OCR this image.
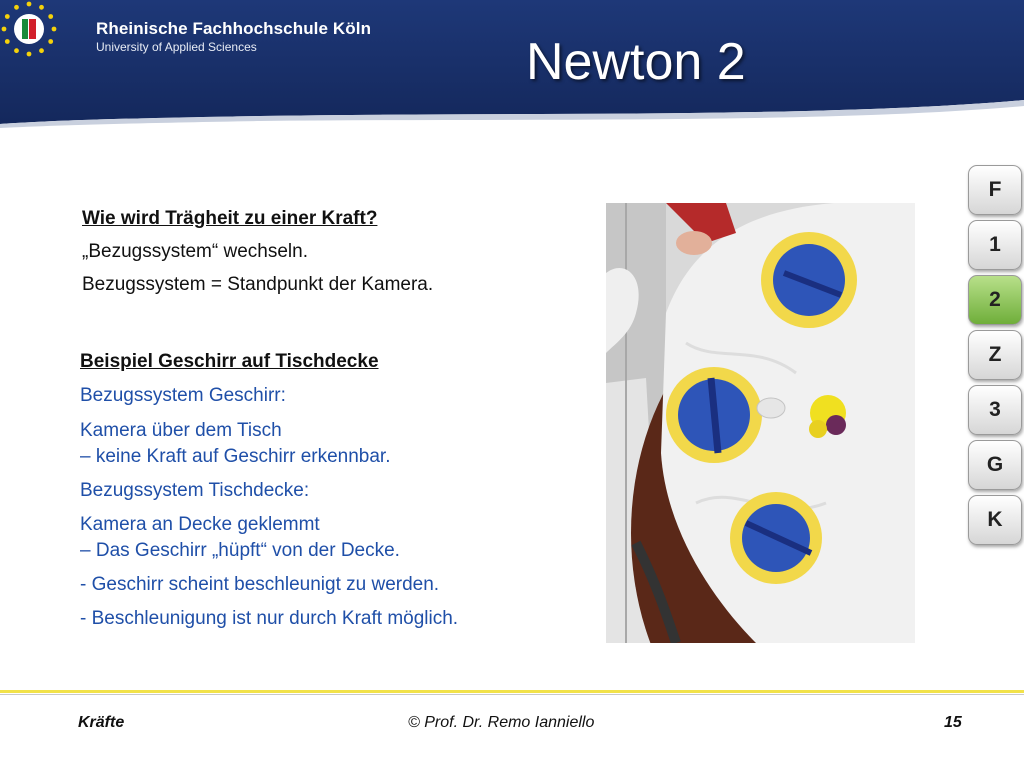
Rheinische Fachhochschule Köln
University of Applied Sciences	Newton 2
Wie wird Trägheit zu einer Kraft?
„Bezugssystem“ wechseln.
Bezugssystem = Standpunkt der Kamera.
Beispiel Geschirr auf Tischdecke
Bezugssystem Geschirr:
Kamera über dem Tisch
– keine Kraft auf Geschirr erkennbar.
Bezugssystem Tischdecke:
Kamera an Decke geklemmt
– Das Geschirr „hüpft“ von der Decke.
- Geschirr scheint beschleunigt zu werden.
- Beschleunigung ist nur durch Kraft möglich.
F
1
2
Z
3
G
K
Kräfte	© Prof. Dr. Remo Ianniello	15
